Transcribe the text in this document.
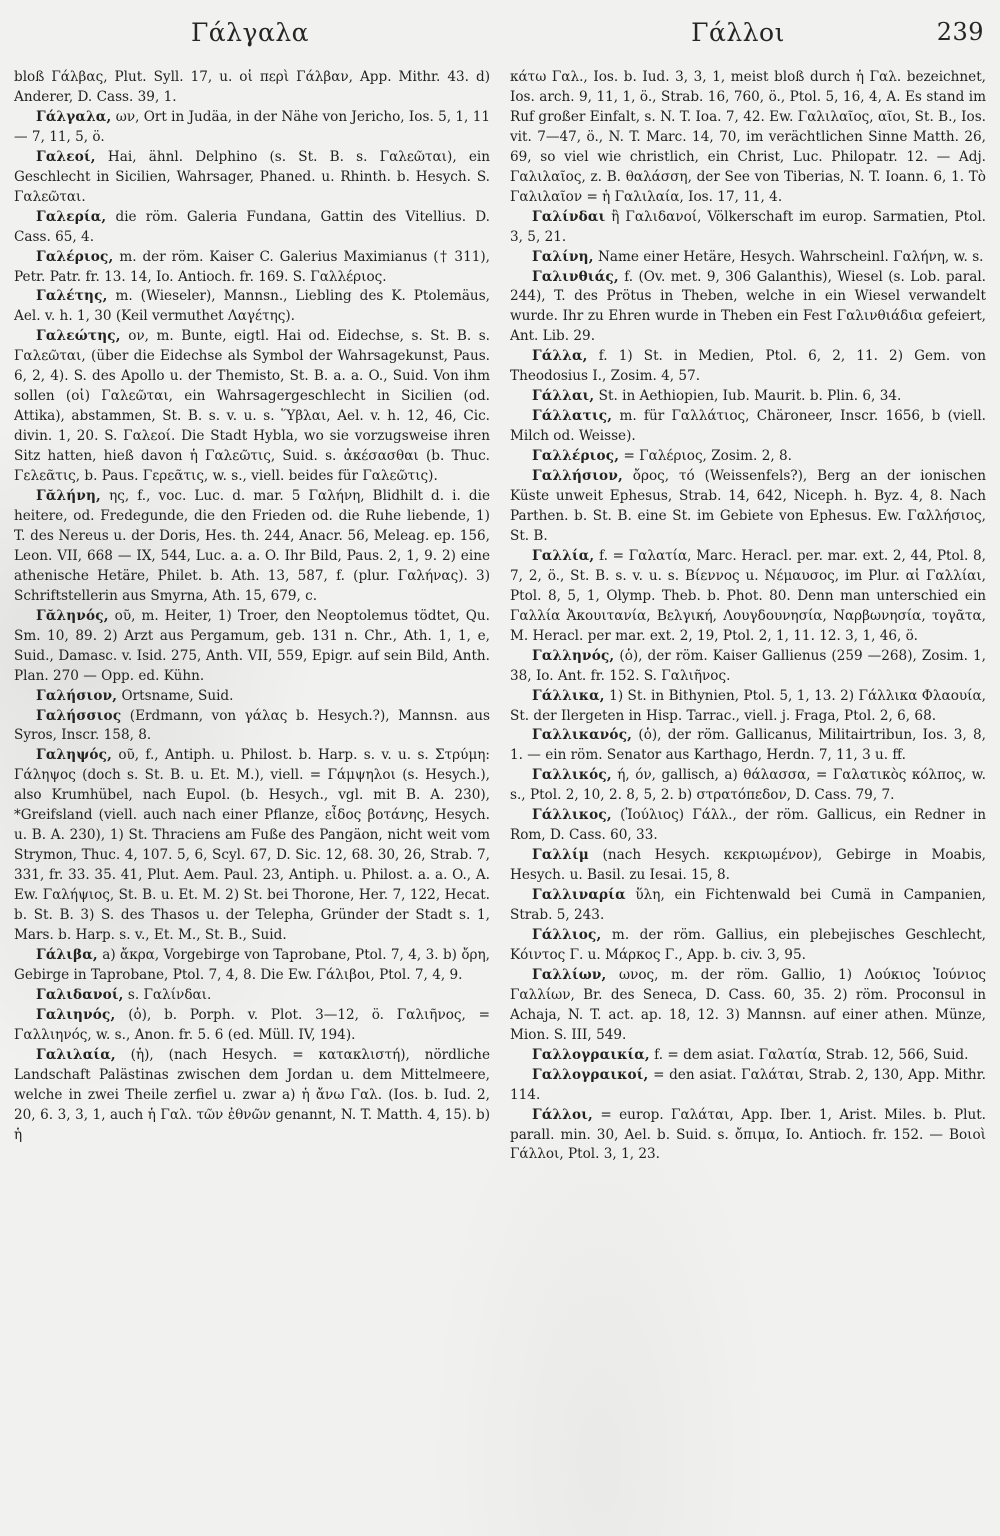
Γάλγαλα	Γάλλοι	239

bloß Γάλβας, Plut. Syll. 17, u. οἱ περὶ Γάλβαν, App. Mithr. 43. d) Anderer, D. Cass. 39, 1.

Γάλγαλα, ων, Ort in Judäa, in der Nähe von Jericho, Ios. 5, 1, 11 — 7, 11, 5, ö.

Γαλεοί, Hai, ähnl. Delphino (s. St. B. s. Γαλεῶται), ein Geschlecht in Sicilien, Wahrsager, Phaned. u. Rhinth. b. Hesych. S. Γαλεῶται.

Γαλερία, die röm. Galeria Fundana, Gattin des Vitellius. D. Cass. 65, 4.

Γαλέριος, m. der röm. Kaiser C. Galerius Maximianus († 311), Petr. Patr. fr. 13. 14, Io. Antioch. fr. 169. S. Γαλλέριος.

Γαλέτης, m. (Wieseler), Mannsn., Liebling des K. Ptolemäus, Ael. v. h. 1, 30 (Keil vermuthet Λαγέτης).

Γαλεώτης, ον, m. Bunte, eigtl. Hai od. Eidechse, s. St. B. s. Γαλεῶται, (über die Eidechse als Symbol der Wahrsagekunst, Paus. 6, 2, 4). S. des Apollo u. der Themisto, St. B. a. a. O., Suid. Von ihm sollen (οἱ) Γαλεῶται, ein Wahrsagergeschlecht in Sicilien (od. Attika), abstammen, St. B. s. v. u. s. Ὕβλαι, Ael. v. h. 12, 46, Cic. divin. 1, 20. S. Γαλεοί. Die Stadt Hybla, wo sie vorzugsweise ihren Sitz hatten, hieß davon ἡ Γαλεῶτις, Suid. s. ἀκέσασθαι (b. Thuc. Γελεᾶτις, b. Paus. Γερεᾶτις, w. s., viell. beides für Γαλεῶτις).

Γᾰλήνη, ης, f., voc. Luc. d. mar. 5 Γαλήνη, Blidhilt d. i. die heitere, od. Fredegunde, die den Frieden od. die Ruhe liebende, 1) T. des Nereus u. der Doris, Hes. th. 244, Anacr. 56, Meleag. ep. 156, Leon. VII, 668 — IX, 544, Luc. a. a. O. Ihr Bild, Paus. 2, 1, 9. 2) eine athenische Hetäre, Philet. b. Ath. 13, 587, f. (plur. Γαλήνας). 3) Schriftstellerin aus Smyrna, Ath. 15, 679, c.

Γᾰληνός, οῦ, m. Heiter, 1) Troer, den Neoptolemus tödtet, Qu. Sm. 10, 89. 2) Arzt aus Pergamum, geb. 131 n. Chr., Ath. 1, 1, e, Suid., Damasc. v. Isid. 275, Anth. VII, 559, Epigr. auf sein Bild, Anth. Plan. 270 — Opp. ed. Kühn.

Γαλήσιον, Ortsname, Suid.

Γαλήσσιος (Erdmann, von γάλας b. Hesych.?), Mannsn. aus Syros, Inscr. 158, 8.

Γαληψός, οῦ, f., Antiph. u. Philost. b. Harp. s. v. u. s. Στρύμη: Γάληψος (doch s. St. B. u. Et. M.), viell. = Γάμψηλοι (s. Hesych.), also Krumhübel, nach Eupol. (b. Hesych., vgl. mit B. A. 230), *Greifsland (viell. auch nach einer Pflanze, εἶδος βοτάνης, Hesych. u. B. A. 230), 1) St. Thraciens am Fuße des Pangäon, nicht weit vom Strymon, Thuc. 4, 107. 5, 6, Scyl. 67, D. Sic. 12, 68. 30, 26, Strab. 7, 331, fr. 33. 35. 41, Plut. Aem. Paul. 23, Antiph. u. Philost. a. a. O., A. Ew. Γαλήψιος, St. B. u. Et. M. 2) St. bei Thorone, Her. 7, 122, Hecat. b. St. B. 3) S. des Thasos u. der Telepha, Gründer der Stadt s. 1, Mars. b. Harp. s. v., Et. M., St. B., Suid.

Γάλιβα, a) ἄκρα, Vorgebirge von Taprobane, Ptol. 7, 4, 3. b) ὄρη, Gebirge in Taprobane, Ptol. 7, 4, 8. Die Ew. Γάλιβοι, Ptol. 7, 4, 9.

Γαλιδανοί, s. Γαλίνδαι.

Γαλιηνός, (ὁ), b. Porph. v. Plot. 3—12, ö. Γαλιῆνος, = Γαλλιηνός, w. s., Anon. fr. 5. 6 (ed. Müll. IV, 194).

Γαλιλαία, (ἡ), (nach Hesych. = κατακλιστή), nördliche Landschaft Palästinas zwischen dem Jordan u. dem Mittelmeere, welche in zwei Theile zerfiel u. zwar a) ἡ ἄνω Γαλ. (Ios. b. Iud. 2, 20, 6. 3, 3, 1, auch ἡ Γαλ. τῶν ἐθνῶν genannt, N. T. Matth. 4, 15). b) ἡ

κάτω Γαλ., Ios. b. Iud. 3, 3, 1, meist bloß durch ἡ Γαλ. bezeichnet, Ios. arch. 9, 11, 1, ö., Strab. 16, 760, ö., Ptol. 5, 16, 4, A. Es stand im Ruf großer Einfalt, s. N. T. Ioa. 7, 42. Ew. Γαλιλαῖος, αῖοι, St. B., Ios. vit. 7—47, ö., N. T. Marc. 14, 70, im verächtlichen Sinne Matth. 26, 69, so viel wie christlich, ein Christ, Luc. Philopatr. 12. — Adj. Γαλιλαῖος, z. B. θαλάσση, der See von Tiberias, N. T. Ioann. 6, 1. Τὸ Γαλιλαῖον = ἡ Γαλιλαία, Ios. 17, 11, 4.

Γαλίνδαι ἢ Γαλιδανοί, Völkerschaft im europ. Sarmatien, Ptol. 3, 5, 21.

Γαλίνη, Name einer Hetäre, Hesych. Wahrscheinl. Γαλήνη, w. s.

Γαλινθιάς, f. (Ov. met. 9, 306 Galanthis), Wiesel (s. Lob. paral. 244), T. des Prötus in Theben, welche in ein Wiesel verwandelt wurde. Ihr zu Ehren wurde in Theben ein Fest Γαλινθιάδια gefeiert, Ant. Lib. 29.

Γάλλα, f. 1) St. in Medien, Ptol. 6, 2, 11. 2) Gem. von Theodosius I., Zosim. 4, 57.

Γάλλαι, St. in Aethiopien, Iub. Maurit. b. Plin. 6, 34.

Γάλλατις, m. für Γαλλάτιος, Chäroneer, Inscr. 1656, b (viell. Milch od. Weisse).

Γαλλέριος, = Γαλέριος, Zosim. 2, 8.

Γαλλήσιον, ὄρος, τό (Weissenfels?), Berg an der ionischen Küste unweit Ephesus, Strab. 14, 642, Niceph. h. Byz. 4, 8. Nach Parthen. b. St. B. eine St. im Gebiete von Ephesus. Ew. Γαλλήσιος, St. B.

Γαλλία, f. = Γαλατία, Marc. Heracl. per. mar. ext. 2, 44, Ptol. 8, 7, 2, ö., St. B. s. v. u. s. Βίεννος u. Νέμαυσος, im Plur. αἱ Γαλλίαι, Ptol. 8, 5, 1, Olymp. Theb. b. Phot. 80. Denn man unterschied ein Γαλλία Ἀκουιτανία, Βελγική, Λουγδουνησία, Ναρβωνησία, τογᾶτα, M. Heracl. per mar. ext. 2, 19, Ptol. 2, 1, 11. 12. 3, 1, 46, ö.

Γαλληνός, (ὁ), der röm. Kaiser Gallienus (259 —268), Zosim. 1, 38, Io. Ant. fr. 152. S. Γαλιῆνος.

Γάλλικα, 1) St. in Bithynien, Ptol. 5, 1, 13. 2) Γάλλικα Φλαουία, St. der Ilergeten in Hisp. Tarrac., viell. j. Fraga, Ptol. 2, 6, 68.

Γαλλικανός, (ὁ), der röm. Gallicanus, Militairtribun, Ios. 3, 8, 1. — ein röm. Senator aus Karthago, Herdn. 7, 11, 3 u. ff.

Γαλλικός, ή, όν, gallisch, a) θάλασσα, = Γαλατικὸς κόλπος, w. s., Ptol. 2, 10, 2. 8, 5, 2. b) στρατόπεδον, D. Cass. 79, 7.

Γάλλικος, (Ἰούλιος) Γάλλ., der röm. Gallicus, ein Redner in Rom, D. Cass. 60, 33.

Γαλλίμ (nach Hesych. κεκριωμένον), Gebirge in Moabis, Hesych. u. Basil. zu Iesai. 15, 8.

Γαλλιναρία ὕλη, ein Fichtenwald bei Cumä in Campanien, Strab. 5, 243.

Γάλλιος, m. der röm. Gallius, ein plebejisches Geschlecht, Κόιντος Γ. u. Μάρκος Γ., App. b. civ. 3, 95.

Γαλλίων, ωνος, m. der röm. Gallio, 1) Λούκιος Ἰούνιος Γαλλίων, Br. des Seneca, D. Cass. 60, 35. 2) röm. Proconsul in Achaja, N. T. act. ap. 18, 12. 3) Mannsn. auf einer athen. Münze, Mion. S. III, 549.

Γαλλογραικία, f. = dem asiat. Γαλατία, Strab. 12, 566, Suid.

Γαλλογραικοί, = den asiat. Γαλάται, Strab. 2, 130, App. Mithr. 114.

Γάλλοι, = europ. Γαλάται, App. Iber. 1, Arist. Miles. b. Plut. parall. min. 30, Ael. b. Suid. s. ὄπιμα, Io. Antioch. fr. 152. — Βοιοὶ Γάλλοι, Ptol. 3, 1, 23.
